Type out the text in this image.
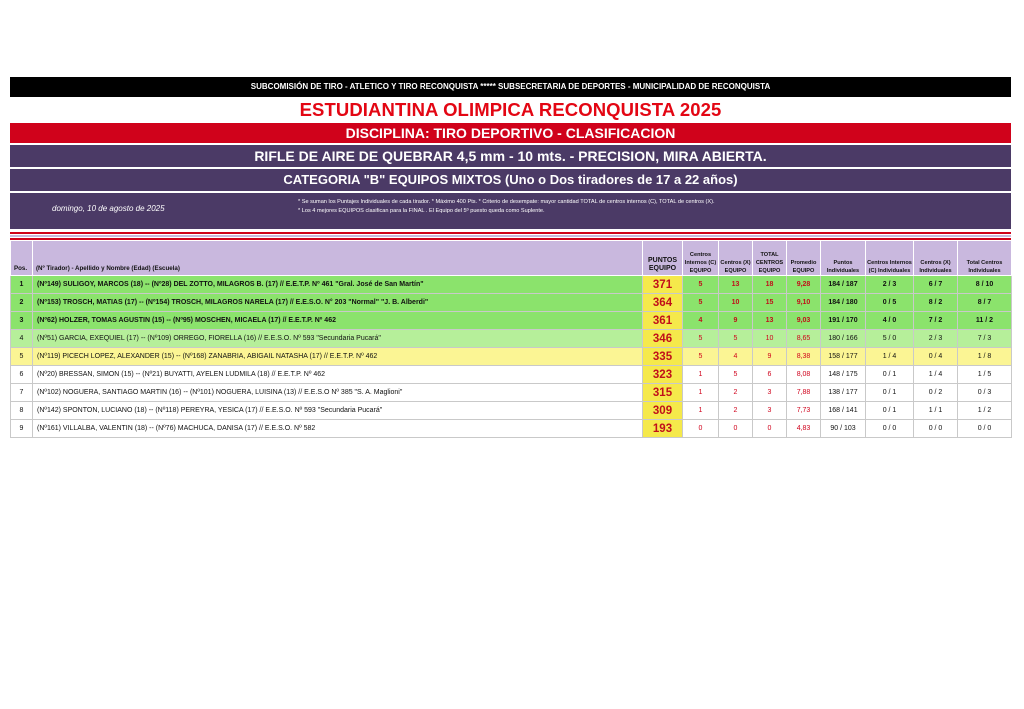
SUBCOMISIÓN DE TIRO - ATLETICO Y TIRO RECONQUISTA ***** SUBSECRETARIA DE DEPORTES - MUNICIPALIDAD DE RECONQUISTA
ESTUDIANTINA OLIMPICA RECONQUISTA 2025
DISCIPLINA: TIRO DEPORTIVO - CLASIFICACION
RIFLE DE AIRE DE QUEBRAR 4,5 mm - 10 mts. - PRECISION, MIRA ABIERTA.
CATEGORIA "B" EQUIPOS MIXTOS (Uno o Dos tiradores de 17 a 22 años)
domingo, 10 de agosto de 2025
* Se suman los Puntajes Individuales de cada tirador. * Máximo 400 Pts. * Criterio de desempate: mayor cantidad TOTAL de centros internos (C), TOTAL de centros (X).
* Los 4 mejores EQUIPOS clasifican para la FINAL . El Equipo del 5º puesto queda como Suplente.
Pos.	(Nº Tirador) - Apellido y Nombre (Edad) (Escuela)	PUNTOS EQUIPO	Centros Internos (C) EQUIPO	Centros (X) EQUIPO	TOTAL CENTROS EQUIPO	Promedio EQUIPO	Puntos Individuales	Centros Internos (C) Individuales	Centros (X) Individuales	Total Centros Individuales
1	(Nº149) SULIGOY, MARCOS (18) -- (Nº28) DEL ZOTTO, MILAGROS B. (17) // E.E.T.P. Nº 461 "Gral. José de San Martín"	371	5	13	18	9,28	184 / 187	2 / 3	6 / 7	8 / 10
2	(Nº153) TROSCH, MATIAS (17) -- (Nº154) TROSCH, MILAGROS NARELA (17) // E.E.S.O. N° 203 "Normal" "J. B. Alberdi"	364	5	10	15	9,10	184 / 180	0 / 5	8 / 2	8 / 7
3	(Nº62) HOLZER, TOMAS AGUSTIN (15) -- (Nº95) MOSCHEN, MICAELA (17) // E.E.T.P. Nº 462	361	4	9	13	9,03	191 / 170	4 / 0	7 / 2	11 / 2
4	(Nº51) GARCIA, EXEQUIEL (17) -- (Nº109) ORREGO, FIORELLA (16) // E.E.S.O. Nº 593 "Secundaria Pucará"	346	5	5	10	8,65	180 / 166	5 / 0	2 / 3	7 / 3
5	(Nº119) PICECH LOPEZ, ALEXANDER (15) -- (Nº168) ZANABRIA, ABIGAIL NATASHA (17) // E.E.T.P. Nº 462	335	5	4	9	8,38	158 / 177	1 / 4	0 / 4	1 / 8
6	(Nº20) BRESSAN, SIMON (15) -- (Nº21) BUYATTI, AYELEN LUDMILA (18) // E.E.T.P. Nº 462	323	1	5	6	8,08	148 / 175	0 / 1	1 / 4	1 / 5
7	(Nº102) NOGUERA, SANTIAGO MARTIN (16) -- (Nº101) NOGUERA, LUISINA (13) // E.E.S.O Nº 385 "S. A. Maglioni"	315	1	2	3	7,88	138 / 177	0 / 1	0 / 2	0 / 3
8	(Nº142) SPONTON, LUCIANO (18) -- (Nº118) PEREYRA, YESICA (17) // E.E.S.O. Nº 593 "Secundaria Pucará"	309	1	2	3	7,73	168 / 141	0 / 1	1 / 1	1 / 2
9	(Nº161) VILLALBA, VALENTIN (18) -- (Nº76) MACHUCA, DANISA (17) // E.E.S.O. Nº 582	193	0	0	0	4,83	90 / 103	0 / 0	0 / 0	0 / 0
